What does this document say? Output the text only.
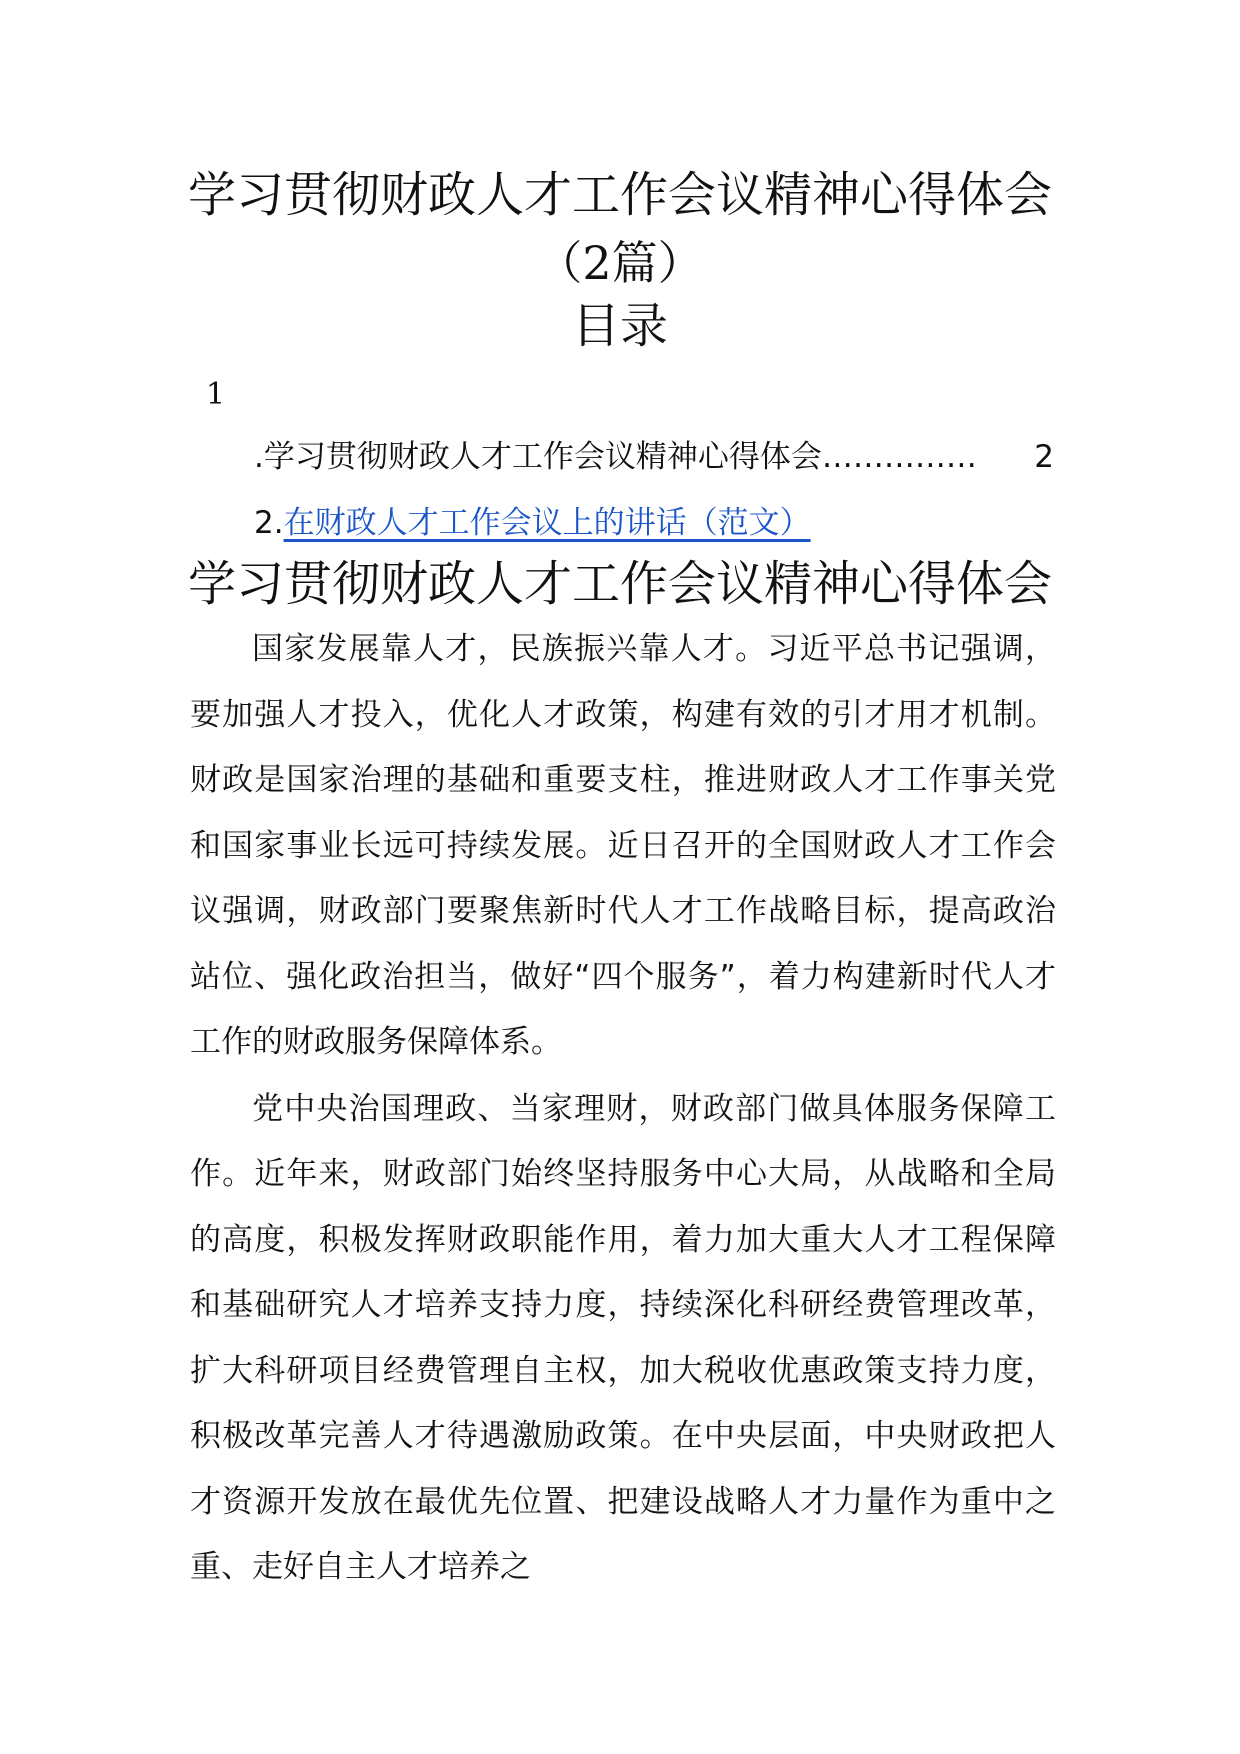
学习贯彻财政人才工作会议精神心得体会
（2篇）
目录
1
.学习贯彻财政人才工作会议精神心得体会 ……………	2
2.在财政人才工作会议上的讲话（范文）
学习贯彻财政人才工作会议精神心得体会

国家发展靠人才，民族振兴靠人才。习近平总书记强调，要加强人才投入，优化人才政策，构建有效的引才用才机制。财政是国家治理的基础和重要支柱，推进财政人才工作事关党和国家事业长远可持续发展。近日召开的全国财政人才工作会议强调，财政部门要聚焦新时代人才工作战略目标，提高政治站位、强化政治担当，做好“四个服务”，着力构建新时代人才工作的财政服务保障体系。

党中央治国理政、当家理财，财政部门做具体服务保障工作。近年来，财政部门始终坚持服务中心大局，从战略和全局的高度，积极发挥财政职能作用，着力加大重大人才工程保障和基础研究人才培养支持力度，持续深化科研经费管理改革，扩大科研项目经费管理自主权，加大税收优惠政策支持力度，积极改革完善人才待遇激励政策。在中央层面，中央财政把人才资源开发放在最优先位置、把建设战略人才力量作为重中之重、走好自主人才培养之
